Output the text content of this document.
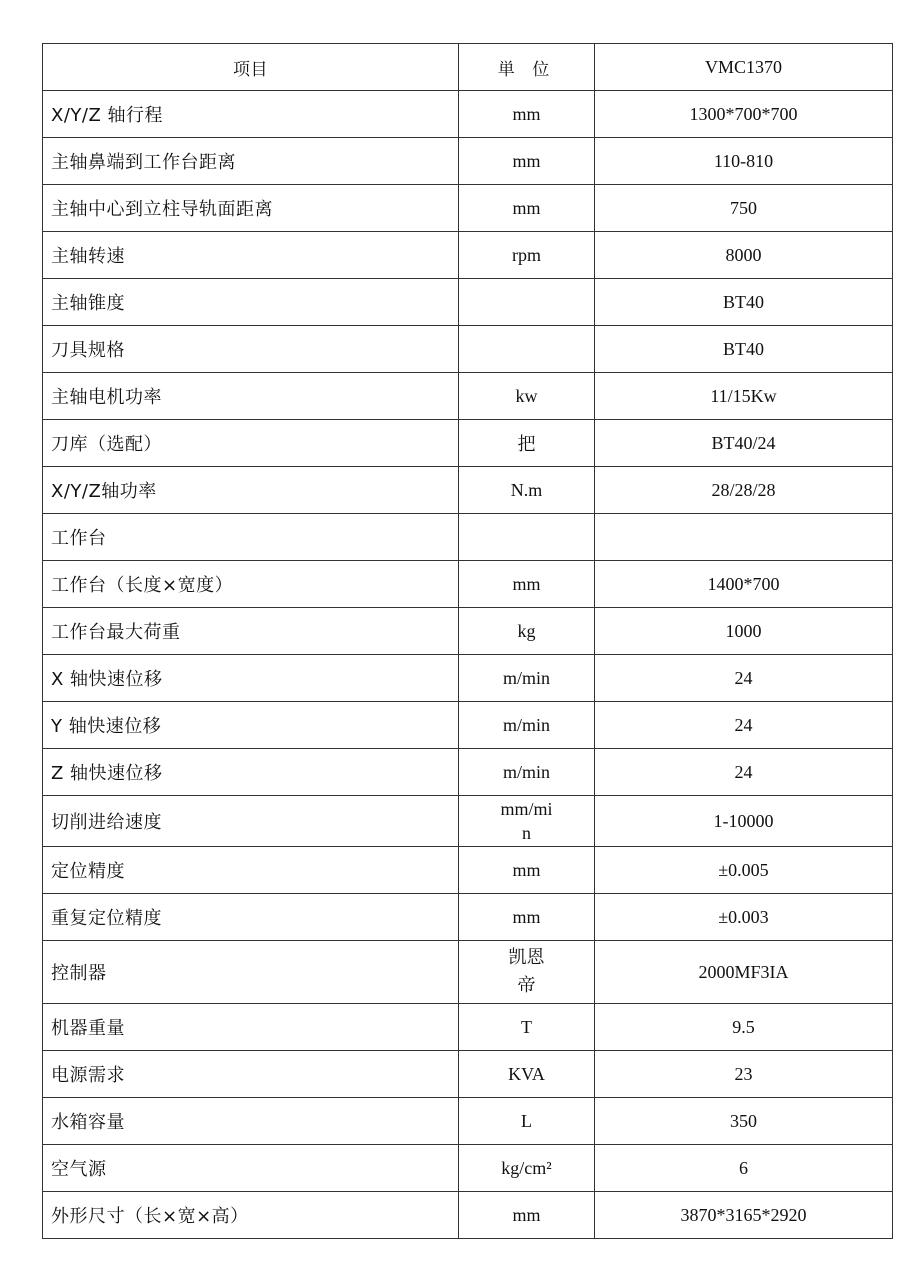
项目	単 位	VMC1370
X/Y/Z 轴行程	mm	1300*700*700
主轴鼻端到工作台距离	mm	110-810
主轴中心到立柱导轨面距离	mm	750
主轴转速	rpm	8000
主轴锥度		BT40
刀具规格		BT40
主轴电机功率	kw	11/15Kw
刀库（选配）	把	BT40/24
X/Y/Z轴功率	N.m	28/28/28
工作台		
工作台（长度×宽度）	mm	1400*700
工作台最大荷重	kg	1000
X 轴快速位移	m/min	24
Y 轴快速位移	m/min	24
Z 轴快速位移	m/min	24
切削进给速度	mm/min	1-10000
定位精度	mm	±0.005
重复定位精度	mm	±0.003
控制器	凯恩帝	2000MF3IA
机器重量	T	9.5
电源需求	KVA	23
水箱容量	L	350
空气源	kg/cm²	6
外形尺寸（长×宽×高）	mm	3870*3165*2920
